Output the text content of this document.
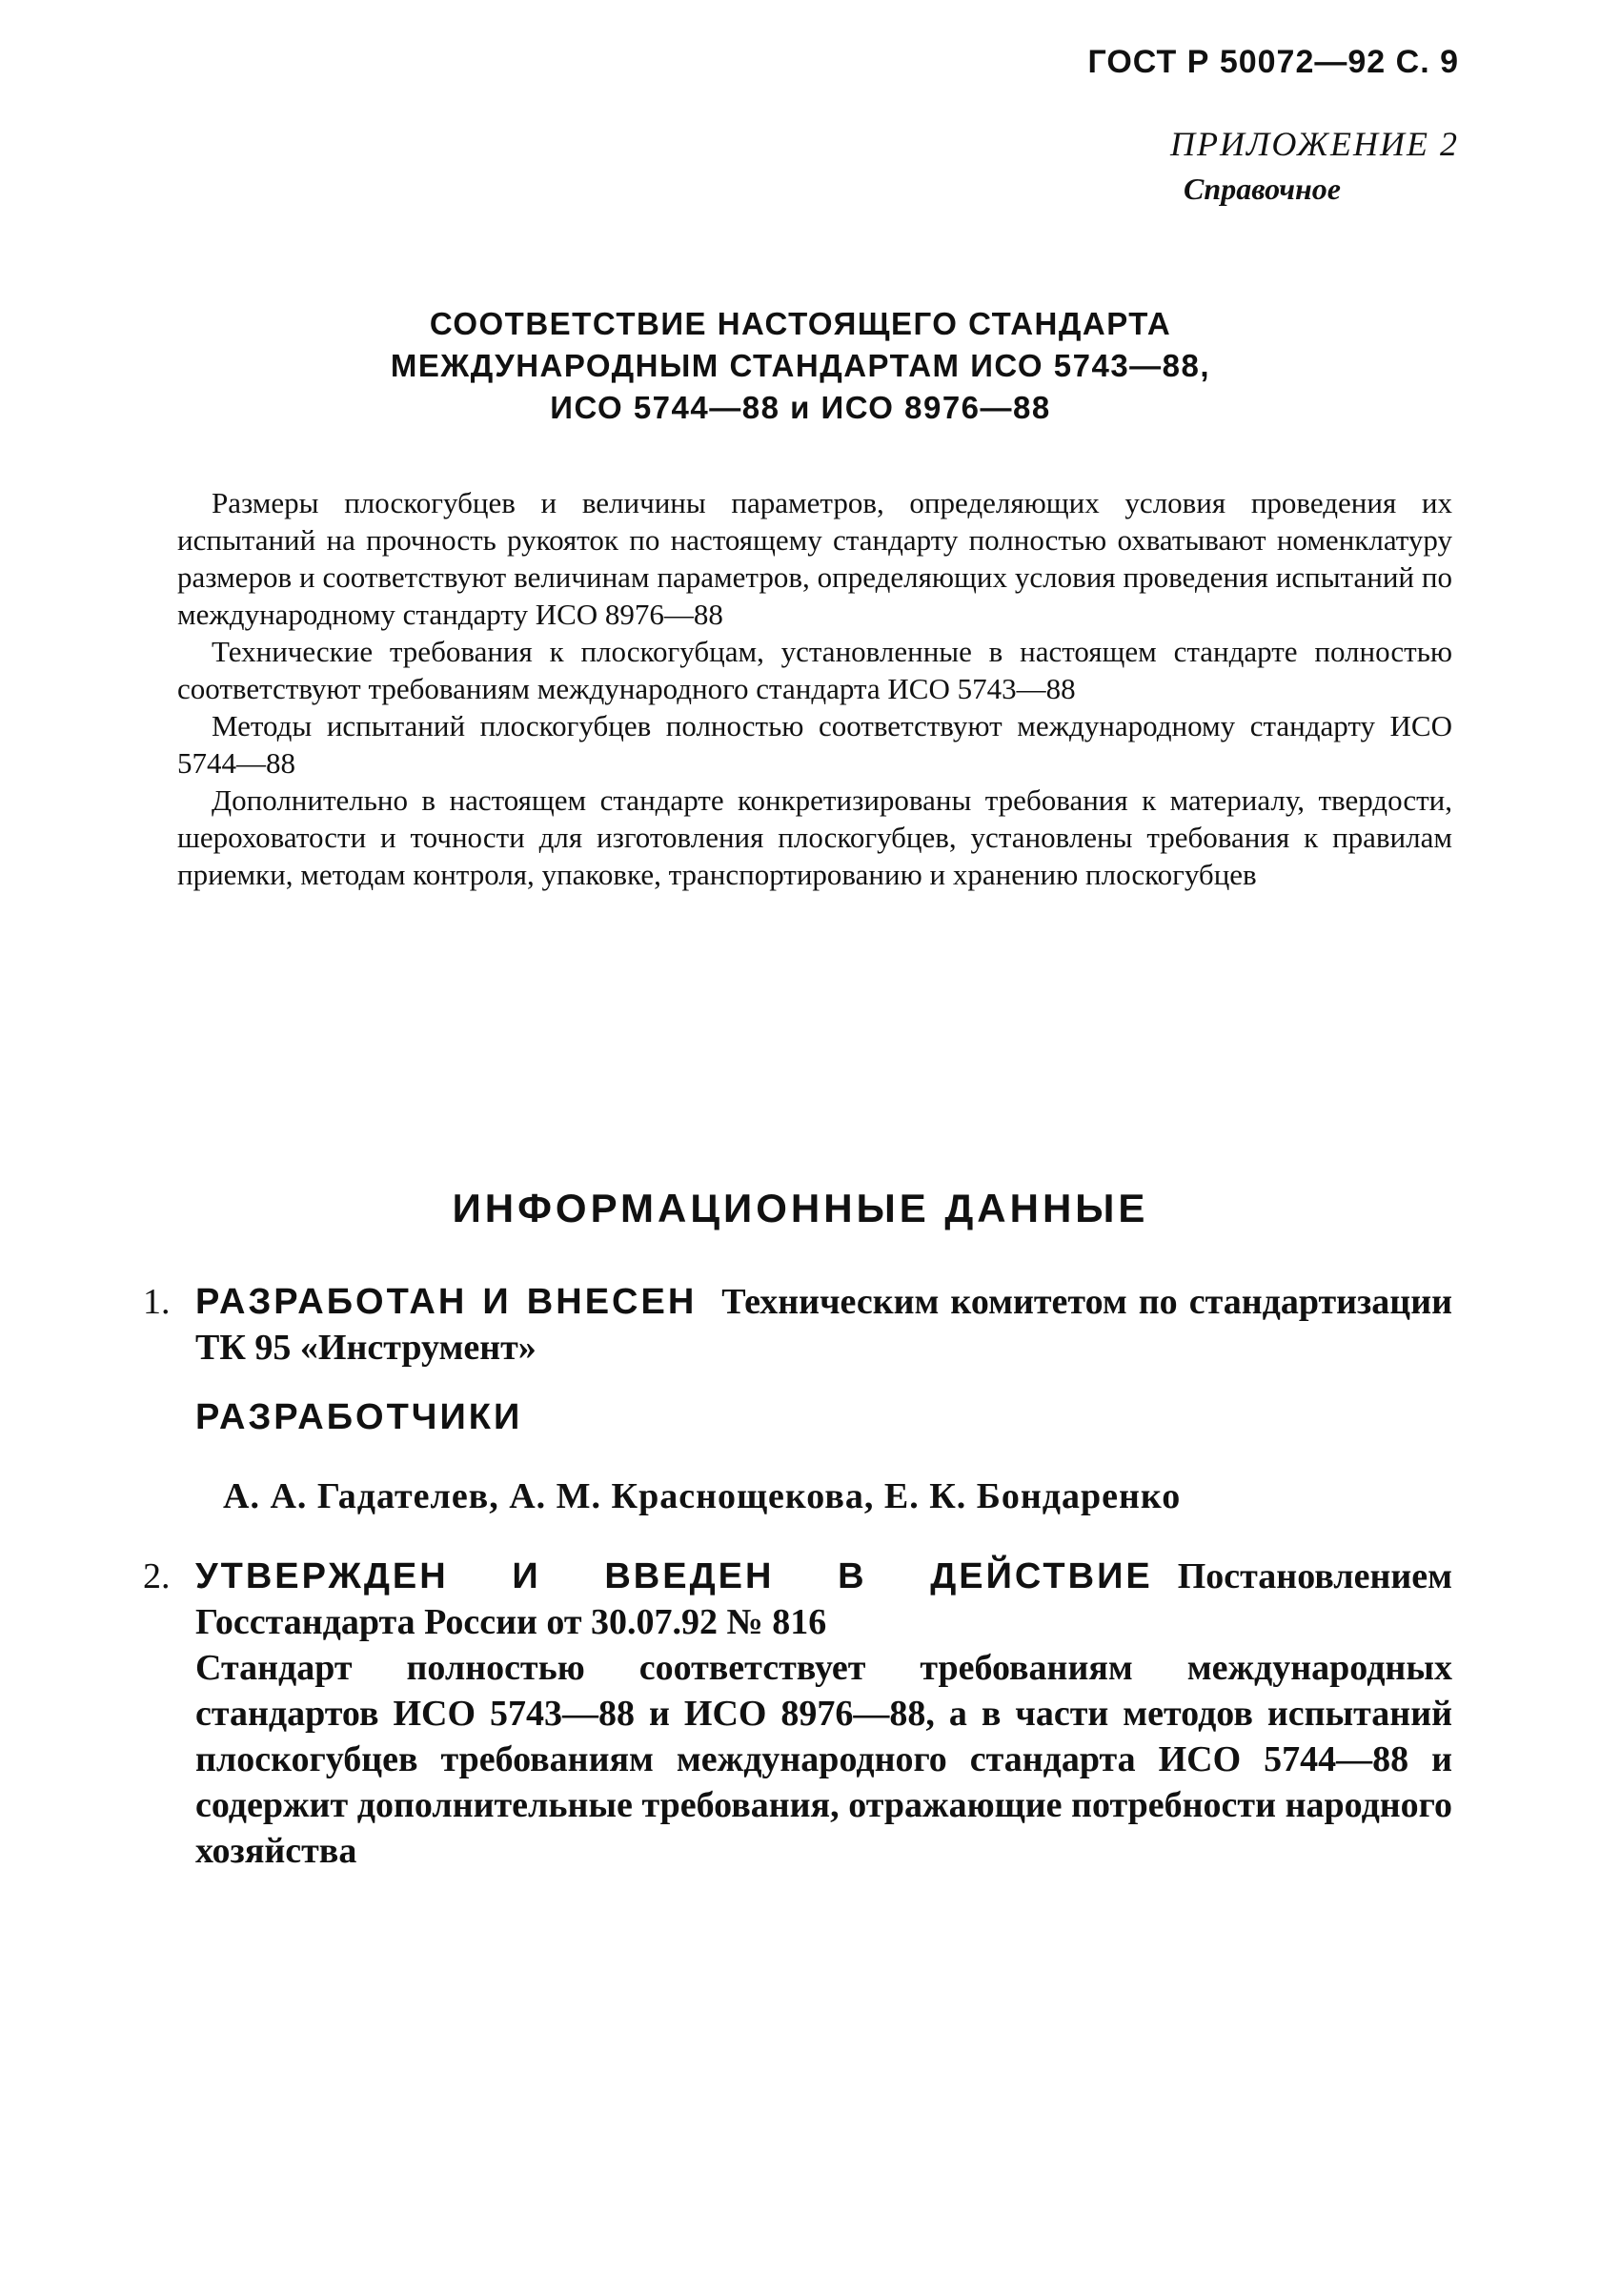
ГОСТ Р 50072—92 С. 9
ПРИЛОЖЕНИЕ 2
Справочное
СООТВЕТСТВИЕ НАСТОЯЩЕГО СТАНДАРТА
МЕЖДУНАРОДНЫМ СТАНДАРТАМ ИСО 5743—88,
ИСО 5744—88 и ИСО 8976—88

Размеры плоскогубцев и величины параметров, определяющих условия проведения их испытаний на прочность рукояток по настоящему стандарту полностью охватывают номенклатуру размеров и соответствуют величинам параметров, определяющих условия проведения испытаний по международному стандарту ИСО 8976—88

Технические требования к плоскогубцам, установленные в настоящем стандарте полностью соответствуют требованиям международного стандарта ИСО 5743—88

Методы испытаний плоскогубцев полностью соответствуют международному стандарту ИСО 5744—88

Дополнительно в настоящем стандарте конкретизированы требования к материалу, твердости, шероховатости и точности для изготовления плоскогубцев, установлены требования к правилам приемки, методам контроля, упаковке, транспортированию и хранению плоскогубцев

ИНФОРМАЦИОННЫЕ ДАННЫЕ
1. РАЗРАБОТАН И ВНЕСЕН Техническим комитетом по стандартизации ТК 95 «Инструмент»
РАЗРАБОТЧИКИ
А. А. Гадателев, А. М. Краснощекова, Е. К. Бондаренко
2. УТВЕРЖДЕН И ВВЕДЕН В ДЕЙСТВИЕ Постановлением Госстандарта России от 30.07.92 № 816
Стандарт полностью соответствует требованиям международных стандартов ИСО 5743—88 и ИСО 8976—88, а в части методов испытаний плоскогубцев требованиям международного стандарта ИСО 5744—88 и содержит дополнительные требования, отражающие потребности народного хозяйства
